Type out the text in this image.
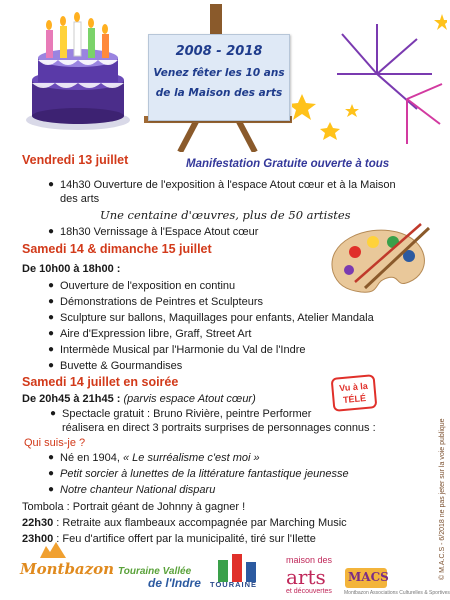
2008 - 2018
Venez fêter les 10 ans
de la Maison des arts
Manifestation Gratuite ouverte à tous
Vendredi 13 juillet
● 14h30 Ouverture de l'exposition à l'espace Atout cœur et à la Maison
des arts
Une centaine d'œuvres, plus de 50 artistes
● 18h30 Vernissage à l'Espace Atout cœur
Samedi 14 & dimanche 15 juillet
De 10h00 à 18h00 :
● Ouverture de l'exposition en continu
● Démonstrations de Peintres et Sculpteurs
● Sculpture sur ballons, Maquillages pour enfants, Atelier Mandala
● Aire d'Expression libre, Graff, Street Art
● Intermède Musical par l'Harmonie du Val de l'Indre
● Buvette & Gourmandises
Samedi 14 juillet en soirée
De 20h45 à 21h45 : (parvis espace Atout cœur)
● Spectacle gratuit : Bruno Rivière, peintre Performer
réalisera en direct 3 portraits surprises de personnages connus :
Qui suis-je ?
● Né en 1904, « Le surréalisme c'est moi »
● Petit sorcier à lunettes de la littérature fantastique jeunesse
● Notre chanteur National disparu
Tombola : Portrait géant de Johnny à gagner !
22h30 : Retraite aux flambeaux accompagnée par Marching Music
23h00 : Feu d'artifice offert par la municipalité, tiré sur l'Ilette
Vu à la
TÉLÉ
© M.A.C.S - 6/2018 ne pas jeter sur la voie publique
Montbazon Touraine Vallée
de l'Indre TOURAINE
maison des
arts
et découvertes
MACS
Montbazon Associations Culturelles & Sportives
